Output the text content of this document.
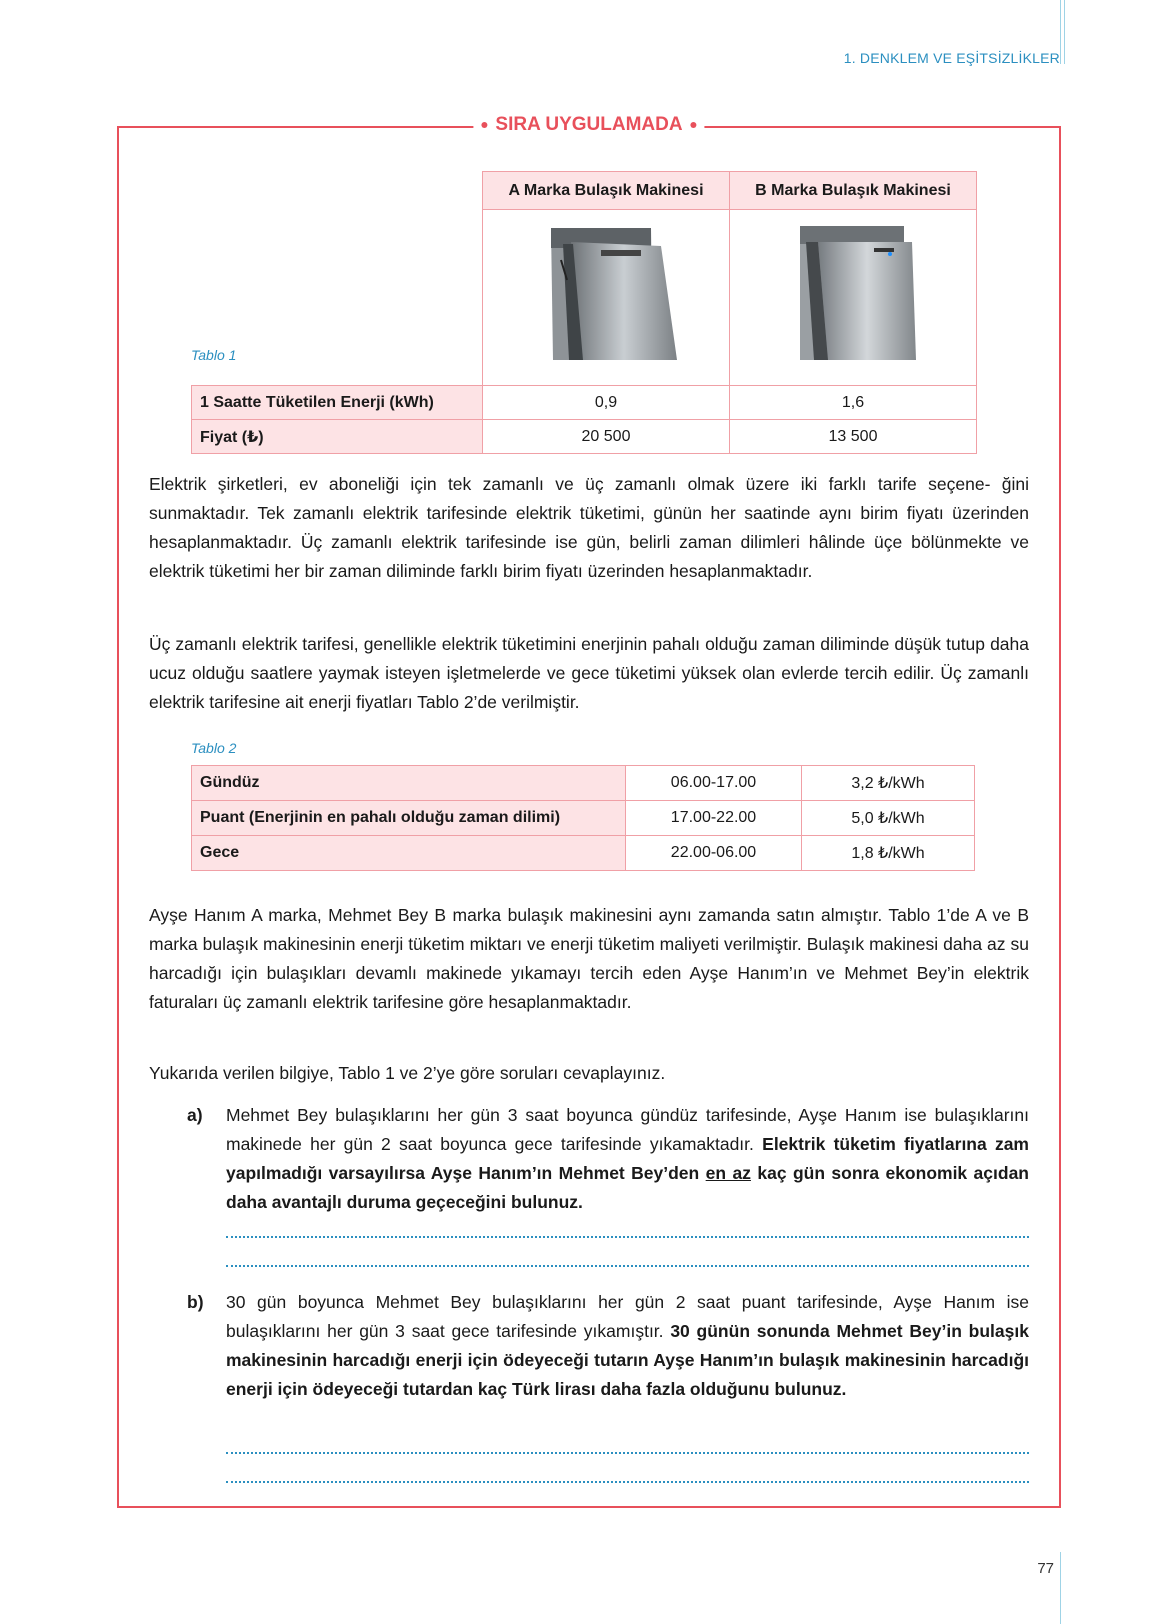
1. DENKLEM VE EŞİTSİZLİKLER
SIRA UYGULAMADA
Tablo 1
	A Marka Bulaşık Makinesi	B Marka Bulaşık Makinesi

1 Saatte Tüketilen Enerji (kWh)	0,9	1,6
Fiyat (₺)	20 500	13 500
Elektrik şirketleri, ev aboneliği için tek zamanlı ve üç zamanlı olmak üzere iki farklı tarife seçene- ğini sunmaktadır. Tek zamanlı elektrik tarifesinde elektrik tüketimi, günün her saatinde aynı birim fiyatı üzerinden hesaplanmaktadır. Üç zamanlı elektrik tarifesinde ise gün, belirli zaman dilimleri hâlinde üçe bölünmekte ve elektrik tüketimi her bir zaman diliminde farklı birim fiyatı üzerinden hesaplanmaktadır.
Üç zamanlı elektrik tarifesi, genellikle elektrik tüketimini enerjinin pahalı olduğu zaman diliminde düşük tutup daha ucuz olduğu saatlere yaymak isteyen işletmelerde ve gece tüketimi yüksek olan evlerde tercih edilir. Üç zamanlı elektrik tarifesine ait enerji fiyatları Tablo 2’de verilmiştir.
Tablo 2
Gündüz	06.00-17.00	3,2 ₺/kWh
Puant (Enerjinin en pahalı olduğu zaman dilimi)	17.00-22.00	5,0 ₺/kWh
Gece	22.00-06.00	1,8 ₺/kWh
Ayşe Hanım A marka, Mehmet Bey B marka bulaşık makinesini aynı zamanda satın almıştır. Tablo 1’de A ve B marka bulaşık makinesinin enerji tüketim miktarı ve enerji tüketim maliyeti verilmiştir. Bulaşık makinesi daha az su harcadığı için bulaşıkları devamlı makinede yıkamayı tercih eden Ayşe Hanım’ın ve Mehmet Bey’in elektrik faturaları üç zamanlı elektrik tarifesine göre hesaplanmaktadır.
Yukarıda verilen bilgiye, Tablo 1 ve 2’ye göre soruları cevaplayınız.
a) Mehmet Bey bulaşıklarını her gün 3 saat boyunca gündüz tarifesinde, Ayşe Hanım ise bulaşıklarını makinede her gün 2 saat boyunca gece tarifesinde yıkamaktadır. Elektrik tüketim fiyatlarına zam yapılmadığı varsayılırsa Ayşe Hanım’ın Mehmet Bey’den en az kaç gün sonra ekonomik açıdan daha avantajlı duruma geçeceğini bulunuz.
b) 30 gün boyunca Mehmet Bey bulaşıklarını her gün 2 saat puant tarifesinde, Ayşe Hanım ise bulaşıklarını her gün 3 saat gece tarifesinde yıkamıştır. 30 günün sonunda Mehmet Bey’in bulaşık makinesinin harcadığı enerji için ödeyeceği tutarın Ayşe Hanım’ın bulaşık makinesinin harcadığı enerji için ödeyeceği tutardan kaç Türk lirası daha fazla olduğunu bulunuz.
77
